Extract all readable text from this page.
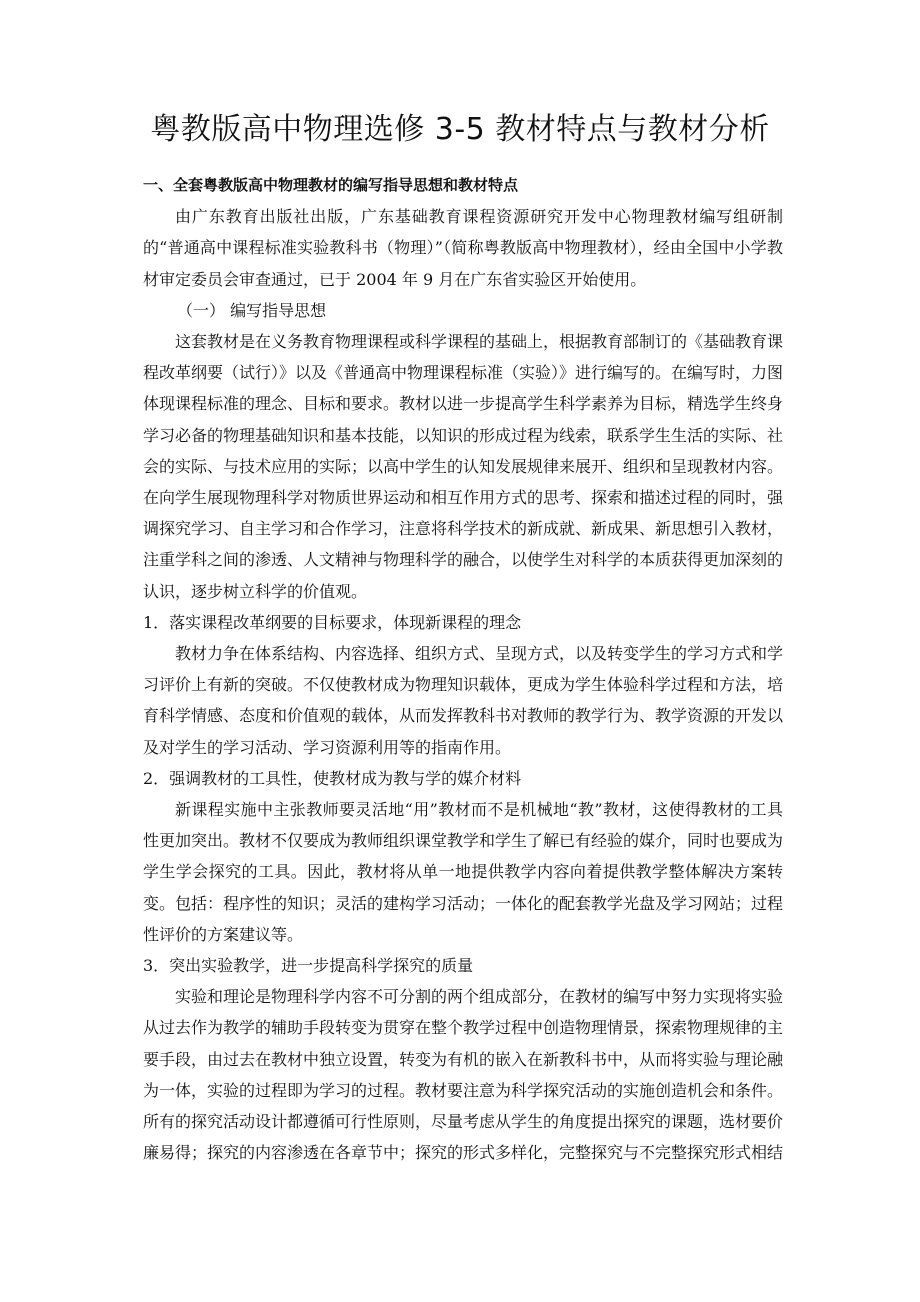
粤教版高中物理选修 3-5 教材特点与教材分析

一、全套粤教版高中物理教材的编写指导思想和教材特点

由广东教育出版社出版，广东基础教育课程资源研究开发中心物理教材编写组研制的“普通高中课程标准实验教科书（物理）”（简称粤教版高中物理教材），经由全国中小学教材审定委员会审查通过，已于 2004 年 9 月在广东省实验区开始使用。

（一） 编写指导思想

这套教材是在义务教育物理课程或科学课程的基础上，根据教育部制订的《基础教育课程改革纲要（试行）》以及《普通高中物理课程标准（实验）》进行编写的。在编写时，力图体现课程标准的理念、目标和要求。教材以进一步提高学生科学素养为目标，精选学生终身学习必备的物理基础知识和基本技能，以知识的形成过程为线索，联系学生生活的实际、社会的实际、与技术应用的实际；以高中学生的认知发展规律来展开、组织和呈现教材内容。在向学生展现物理科学对物质世界运动和相互作用方式的思考、探索和描述过程的同时，强调探究学习、自主学习和合作学习，注意将科学技术的新成就、新成果、新思想引入教材，注重学科之间的渗透、人文精神与物理科学的融合，以使学生对科学的本质获得更加深刻的认识，逐步树立科学的价值观。

1．落实课程改革纲要的目标要求，体现新课程的理念

教材力争在体系结构、内容选择、组织方式、呈现方式，以及转变学生的学习方式和学习评价上有新的突破。不仅使教材成为物理知识载体，更成为学生体验科学过程和方法，培育科学情感、态度和价值观的载体，从而发挥教科书对教师的教学行为、教学资源的开发以及对学生的学习活动、学习资源利用等的指南作用。

2．强调教材的工具性，使教材成为教与学的媒介材料

新课程实施中主张教师要灵活地“用”教材而不是机械地“教”教材，这使得教材的工具性更加突出。教材不仅要成为教师组织课堂教学和学生了解已有经验的媒介，同时也要成为学生学会探究的工具。因此，教材将从单一地提供教学内容向着提供教学整体解决方案转变。包括：程序性的知识；灵活的建构学习活动；一体化的配套教学光盘及学习网站；过程性评价的方案建议等。

3．突出实验教学，进一步提高科学探究的质量

实验和理论是物理科学内容不可分割的两个组成部分，在教材的编写中努力实现将实验从过去作为教学的辅助手段转变为贯穿在整个教学过程中创造物理情景，探索物理规律的主要手段，由过去在教材中独立设置，转变为有机的嵌入在新教科书中，从而将实验与理论融为一体，实验的过程即为学习的过程。教材要注意为科学探究活动的实施创造机会和条件。所有的探究活动设计都遵循可行性原则，尽量考虑从学生的角度提出探究的课题，选材要价廉易得；探究的内容渗透在各章节中；探究的形式多样化，完整探究与不完整探究形式相结
